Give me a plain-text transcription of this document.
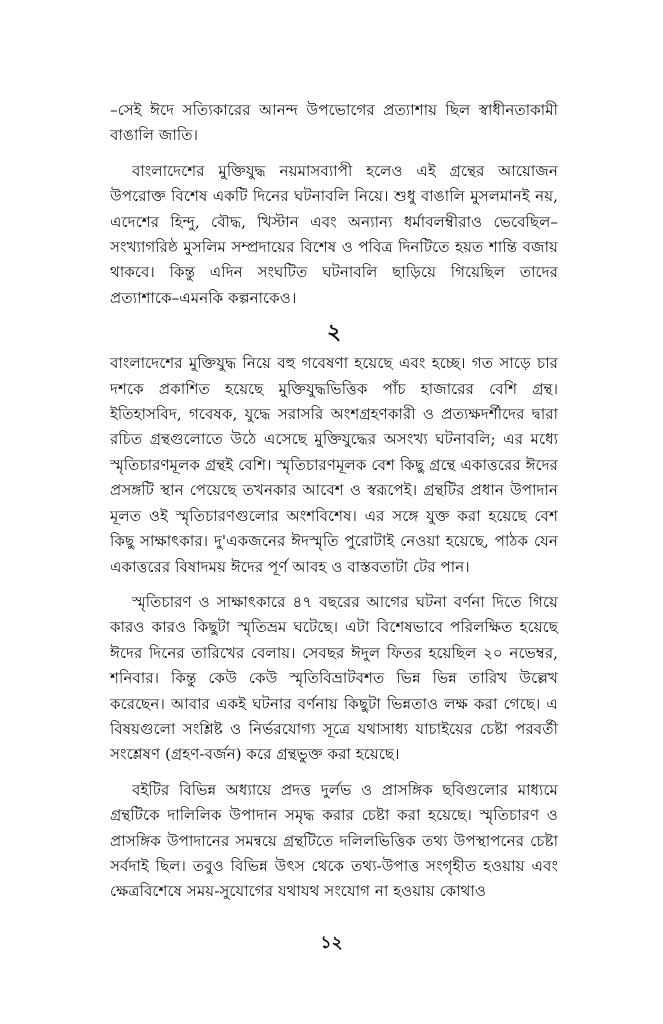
–সেই ঈদে সত্যিকারের আনন্দ উপভোগের প্রত্যাশায় ছিল স্বাধীনতাকামী বাঙালি জাতি।

বাংলাদেশের মুক্তিযুদ্ধ নয়মাসব্যাপী হলেও এই গ্রন্থের আয়োজন উপরোক্ত বিশেষ একটি দিনের ঘটনাবলি নিয়ে। শুধু বাঙালি মুসলমানই নয়, এদেশের হিন্দু, বৌদ্ধ, খিস্টান এবং অন্যান্য ধর্মাবলম্বীরাও ভেবেছিল–সংখ্যাগরিষ্ঠ মুসলিম সম্প্রদায়ের বিশেষ ও পবিত্র দিনটিতে হয়ত শান্তি বজায় থাকবে। কিন্তু এদিন সংঘটিত ঘটনাবলি ছাড়িয়ে গিয়েছিল তাদের প্রত্যাশাকে–এমনকি কল্পনাকেও।

২

বাংলাদেশের মুক্তিযুদ্ধ নিয়ে বহু গবেষণা হয়েছে এবং হচ্ছে। গত সাড়ে চার দশকে প্রকাশিত হয়েছে মুক্তিযুদ্ধভিত্তিক পাঁচ হাজারের বেশি গ্রন্থ। ইতিহাসবিদ, গবেষক, যুদ্ধে সরাসরি অংশগ্রহণকারী ও প্রত্যক্ষদর্শীদের দ্বারা রচিত গ্রন্থগুলোতে উঠে এসেছে মুক্তিযুদ্ধের অসংখ্য ঘটনাবলি; এর মধ্যে স্মৃতিচারণমূলক গ্রন্থই বেশি। স্মৃতিচারণমূলক বেশ কিছু গ্রন্থে একাত্তরের ঈদের প্রসঙ্গটি স্থান পেয়েছে তখনকার আবেশ ও স্বরূপেই। গ্রন্থটির প্রধান উপাদান মূলত ওই স্মৃতিচারণগুলোর অংশবিশেষ। এর সঙ্গে যুক্ত করা হয়েছে বেশ কিছু সাক্ষাৎকার। দু'একজনের ঈদস্মৃতি পুরোটাই নেওয়া হয়েছে, পাঠক যেন একাত্তরের বিষাদময় ঈদের পূর্ণ আবহ ও বাস্তবতাটা টের পান।

স্মৃতিচারণ ও সাক্ষাৎকারে ৪৭ বছরের আগের ঘটনা বর্ণনা দিতে গিয়ে কারও কারও কিছুটা স্মৃতিভ্রম ঘটেছে। এটা বিশেষভাবে পরিলক্ষিত হয়েছে ঈদের দিনের তারিখের বেলায়। সেবছর ঈদুল ফিতর হয়েছিল ২০ নভেম্বর, শনিবার। কিন্তু কেউ কেউ স্মৃতিবিভ্রাটবশত ভিন্ন ভিন্ন তারিখ উল্লেখ করেছেন। আবার একই ঘটনার বর্ণনায় কিছুটা ভিন্নতাও লক্ষ করা গেছে। এ বিষয়গুলো সংশ্লিষ্ট ও নির্ভরযোগ্য সূত্রে যথাসাধ্য যাচাইয়ের চেষ্টা পরবর্তী সংশ্লেষণ (গ্রহণ-বর্জন) করে গ্রন্থভুক্ত করা হয়েছে।

বইটির বিভিন্ন অধ্যায়ে প্রদত্ত দুর্লভ ও প্রাসঙ্গিক ছবিগুলোর মাধ্যমে গ্রন্থটিকে দালিলিক উপাদান সমৃদ্ধ করার চেষ্টা করা হয়েছে। স্মৃতিচারণ ও প্রাসঙ্গিক উপাদানের সমন্বয়ে গ্রন্থটিতে দলিলভিত্তিক তথ্য উপস্থাপনের চেষ্টা সর্বদাই ছিল। তবুও বিভিন্ন উৎস থেকে তথ্য-উপাত্ত সংগৃহীত হওয়ায় এবং ক্ষেত্রবিশেষে সময়-সুযোগের যথাযথ সংযোগ না হওয়ায় কোথাও

১২
